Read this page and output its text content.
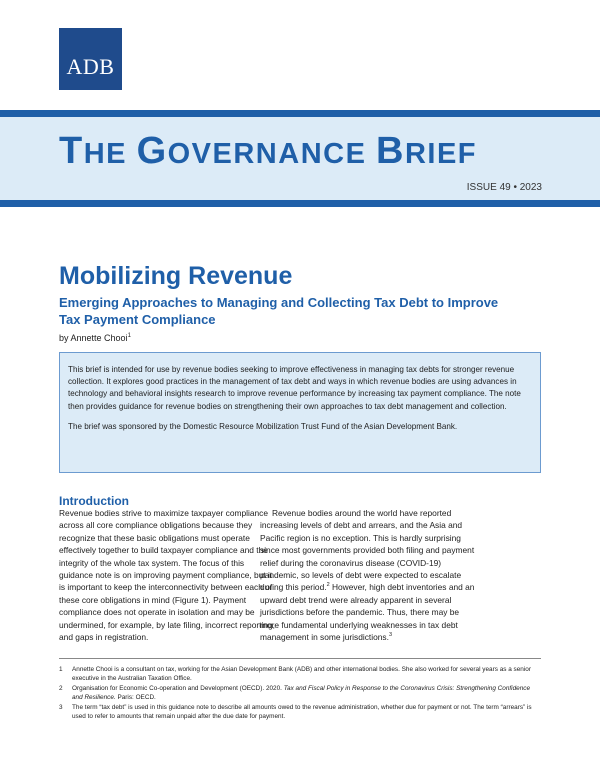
ADB
THE GOVERNANCE BRIEF
ISSUE 49 • 2023
Mobilizing Revenue
Emerging Approaches to Managing and Collecting Tax Debt to Improve Tax Payment Compliance
by Annette Chooi$^1$

This brief is intended for use by revenue bodies seeking to improve effectiveness in managing tax debts for stronger revenue collection. It explores good practices in the management of tax debt and ways in which revenue bodies are using advances in technology and behavioral insights research to improve revenue performance by increasing tax payment compliance. The note then provides guidance for revenue bodies on strengthening their own approaches to tax debt management and collection.

The brief was sponsored by the Domestic Resource Mobilization Trust Fund of the Asian Development Bank.

Introduction
Revenue bodies strive to maximize taxpayer compliance across all core compliance obligations because they recognize that these basic obligations must operate effectively together to build taxpayer compliance and the integrity of the whole tax system. The focus of this guidance note is on improving payment compliance, but it is important to keep the interconnectivity between each of these core obligations in mind (Figure 1). Payment compliance does not operate in isolation and may be undermined, for example, by late filing, incorrect reporting, and gaps in registration.
Revenue bodies around the world have reported increasing levels of debt and arrears, and the Asia and Pacific region is no exception. This is hardly surprising since most governments provided both filing and payment relief during the coronavirus disease (COVID-19) pandemic, so levels of debt were expected to escalate during this period.$^2$ However, high debt inventories and an upward debt trend were already apparent in several jurisdictions before the pandemic. Thus, there may be more fundamental underlying weaknesses in tax debt management in some jurisdictions.$^3$
1	Annette Chooi is a consultant on tax, working for the Asian Development Bank (ADB) and other international bodies. She also worked for several years as a senior executive in the Australian Taxation Office.
2	Organisation for Economic Co-operation and Development (OECD). 2020. Tax and Fiscal Policy in Response to the Coronavirus Crisis: Strengthening Confidence and Resilience. Paris: OECD.
3	The term “tax debt” is used in this guidance note to describe all amounts owed to the revenue administration, whether due for payment or not. The term “arrears” is used to refer to amounts that remain unpaid after the due date for payment.
